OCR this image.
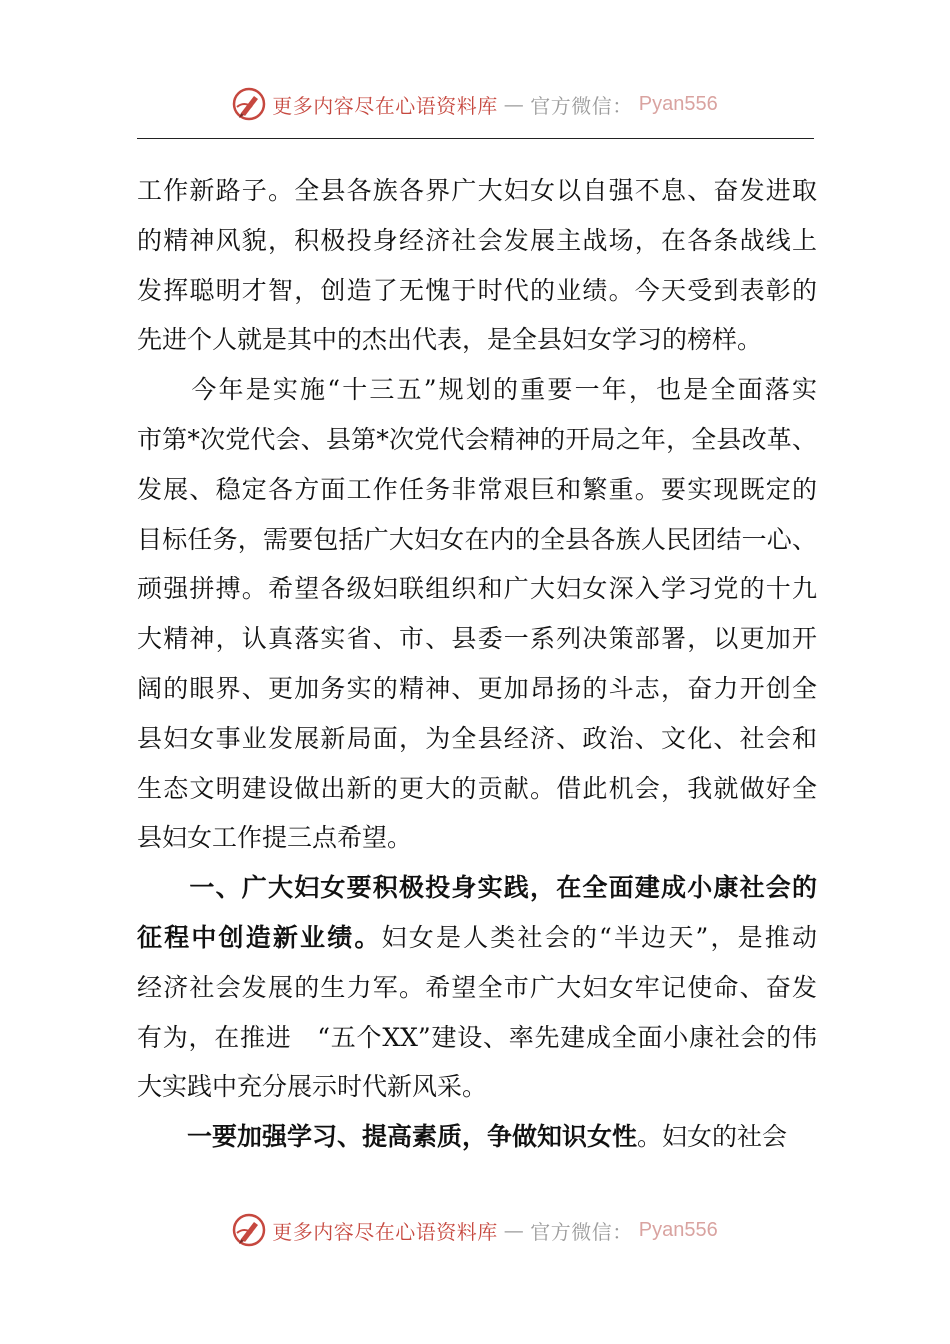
更多内容尽在心语资料库 — 官方微信： Pyan556
工作新路子。全县各族各界广大妇女以自强不息、奋发进取
的精神风貌，积极投身经济社会发展主战场，在各条战线上
发挥聪明才智，创造了无愧于时代的业绩。今天受到表彰的
先进个人就是其中的杰出代表，是全县妇女学习的榜样。
　　今年是实施“十三五”规划的重要一年，也是全面落实
市第*次党代会、县第*次党代会精神的开局之年，全县改革、
发展、稳定各方面工作任务非常艰巨和繁重。要实现既定的
目标任务，需要包括广大妇女在内的全县各族人民团结一心、
顽强拼搏。希望各级妇联组织和广大妇女深入学习党的十九
大精神，认真落实省、市、县委一系列决策部署，以更加开
阔的眼界、更加务实的精神、更加昂扬的斗志，奋力开创全
县妇女事业发展新局面，为全县经济、政治、文化、社会和
生态文明建设做出新的更大的贡献。借此机会，我就做好全
县妇女工作提三点希望。
　　一、广大妇女要积极投身实践，在全面建成小康社会的
征程中创造新业绩。妇女是人类社会的“半边天”，是推动
经济社会发展的生力军。希望全市广大妇女牢记使命、奋发
有为，在推进　“五个XX”建设、率先建成全面小康社会的伟
大实践中充分展示时代新风采。
　　一要加强学习、提高素质，争做知识女性。妇女的社会
更多内容尽在心语资料库 — 官方微信： Pyan556
